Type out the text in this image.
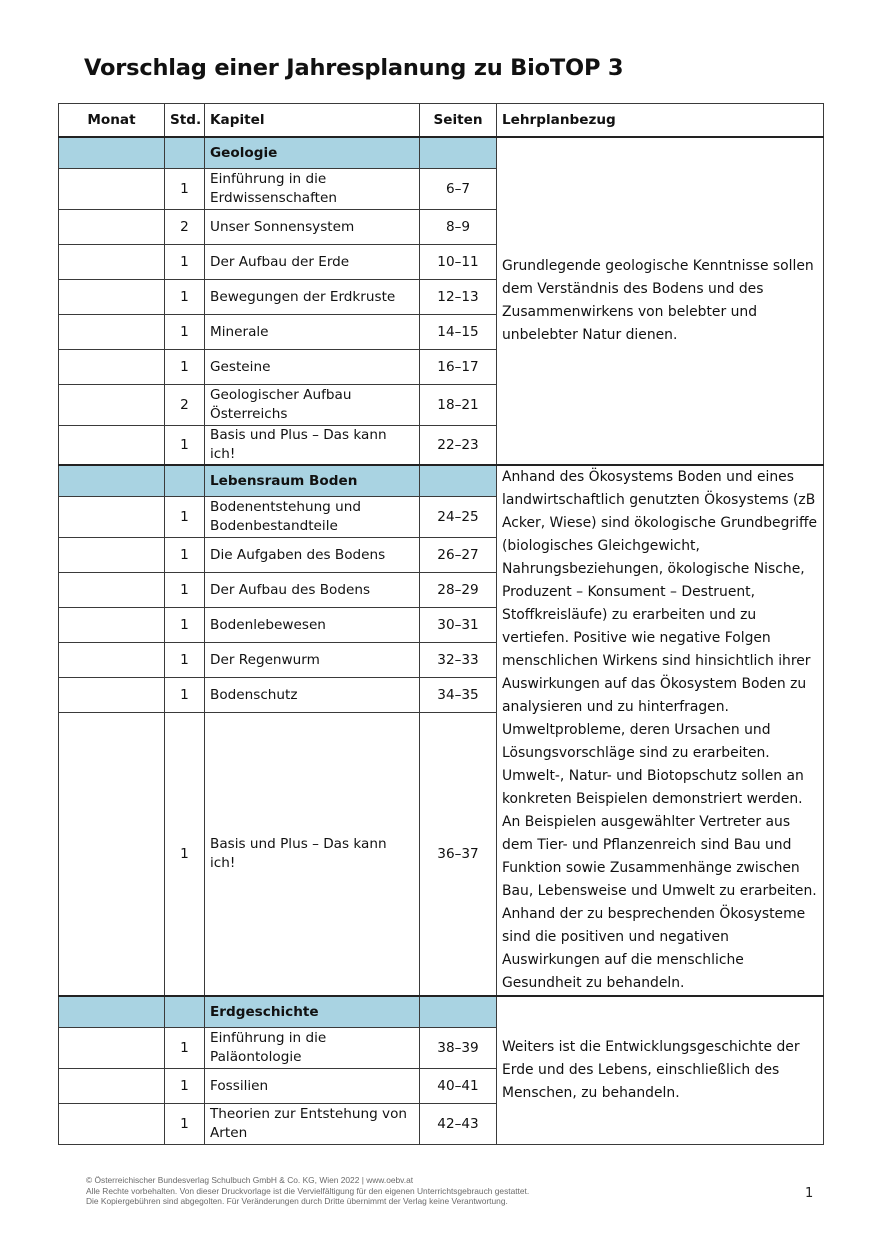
Vorschlag einer Jahresplanung zu BioTOP 3
Monat	Std.	Kapitel	Seiten	Lehrplanbezug
		Geologie		Grundlegende geologische Kenntnisse sollen dem Verständnis des Bodens und des Zusammenwirkens von belebter und unbelebter Natur dienen.
	1	Einführung in die Erdwissenschaften	6–7	
	2	Unser Sonnensystem	8–9	
	1	Der Aufbau der Erde	10–11	
	1	Bewegungen der Erdkruste	12–13	
	1	Minerale	14–15	
	1	Gesteine	16–17	
	2	Geologischer Aufbau Österreichs	18–21	
	1	Basis und Plus – Das kann ich!	22–23	
		Lebensraum Boden		Anhand des Ökosystems Boden und eines landwirtschaftlich genutzten Ökosystems (zB Acker, Wiese) sind ökologische Grundbegriffe (biologisches Gleichgewicht, Nahrungsbeziehungen, ökologische Nische, Produzent – Konsument – Destruent, Stoffkreisläufe) zu erarbeiten und zu vertiefen. Positive wie negative Folgen menschlichen Wirkens sind hinsichtlich ihrer Auswirkungen auf das Ökosystem Boden zu analysieren und zu hinterfragen. Umweltprobleme, deren Ursachen und Lösungsvorschläge sind zu erarbeiten. Umwelt-, Natur- und Biotopschutz sollen an konkreten Beispielen demonstriert werden. An Beispielen ausgewählter Vertreter aus dem Tier- und Pflanzenreich sind Bau und Funktion sowie Zusammenhänge zwischen Bau, Lebensweise und Umwelt zu erarbeiten. Anhand der zu besprechenden Ökosysteme sind die positiven und negativen Auswirkungen auf die menschliche Gesundheit zu behandeln.
	1	Bodenentstehung und Bodenbestandteile	24–25	
	1	Die Aufgaben des Bodens	26–27	
	1	Der Aufbau des Bodens	28–29	
	1	Bodenlebewesen	30–31	
	1	Der Regenwurm	32–33	
	1	Bodenschutz	34–35	
	1	Basis und Plus – Das kann ich!	36–37	
		Erdgeschichte		Weiters ist die Entwicklungsgeschichte der Erde und des Lebens, einschließlich des Menschen, zu behandeln.
	1	Einführung in die Paläontologie	38–39	
	1	Fossilien	40–41	
	1	Theorien zur Entstehung von Arten	42–43	
© Österreichischer Bundesverlag Schulbuch GmbH & Co. KG, Wien 2022 | www.oebv.at
Alle Rechte vorbehalten. Von dieser Druckvorlage ist die Vervielfältigung für den eigenen Unterrichtsgebrauch gestattet.
Die Kopiergebühren sind abgegolten. Für Veränderungen durch Dritte übernimmt der Verlag keine Verantwortung.	1
